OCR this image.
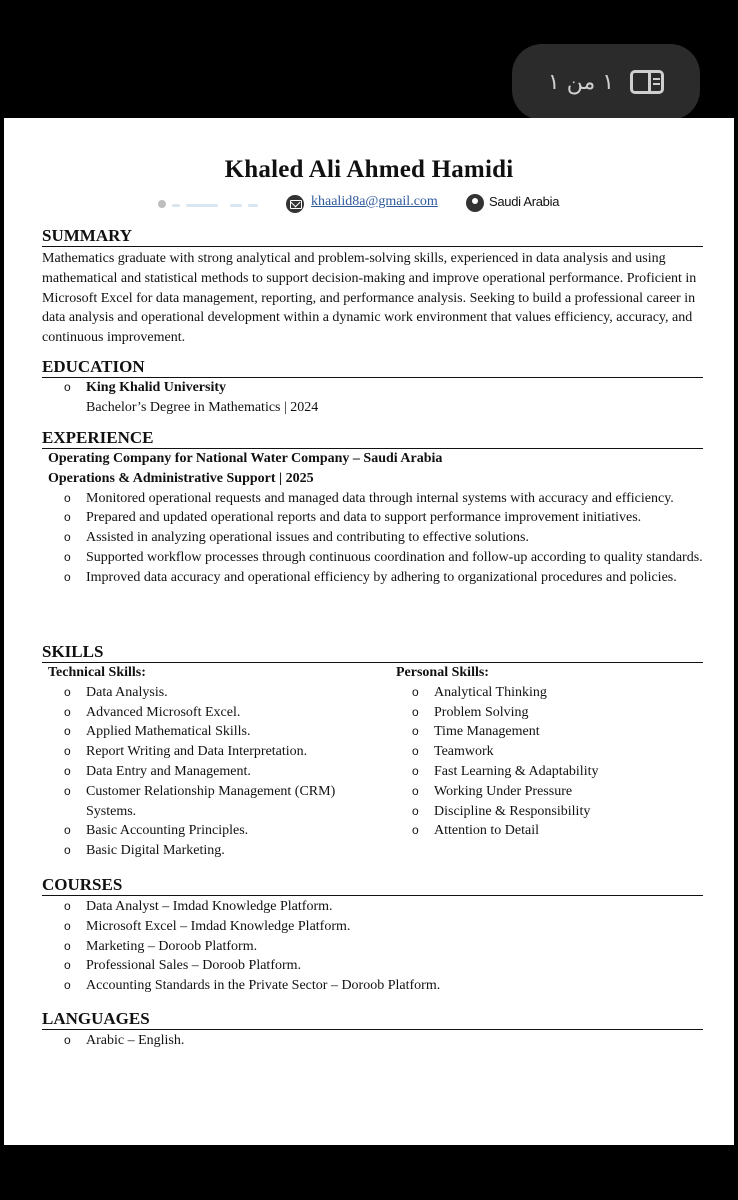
١ من ١
Khaled Ali Ahmed Hamidi
khaalid8a@gmail.com	Saudi Arabia
SUMMARY

Mathematics graduate with strong analytical and problem-solving skills, experienced in data analysis and using mathematical and statistical methods to support decision-making and improve operational performance. Proficient in Microsoft Excel for data management, reporting, and performance analysis. Seeking to build a professional career in data analysis and operational development within a dynamic work environment that values efficiency, accuracy, and continuous improvement.

EDUCATION
o King Khalid University
Bachelor’s Degree in Mathematics | 2024
EXPERIENCE
Operating Company for National Water Company – Saudi Arabia
Operations & Administrative Support | 2025
o Monitored operational requests and managed data through internal systems with accuracy and efficiency.
o Prepared and updated operational reports and data to support performance improvement initiatives.
o Assisted in analyzing operational issues and contributing to effective solutions.
o Supported workflow processes through continuous coordination and follow-up according to quality standards.
o Improved data accuracy and operational efficiency by adhering to organizational procedures and policies.
SKILLS
Technical Skills:
o Data Analysis.
o Advanced Microsoft Excel.
o Applied Mathematical Skills.
o Report Writing and Data Interpretation.
o Data Entry and Management.
o Customer Relationship Management (CRM) Systems.
o Basic Accounting Principles.
o Basic Digital Marketing.
Personal Skills:
o Analytical Thinking
o Problem Solving
o Time Management
o Teamwork
o Fast Learning & Adaptability
o Working Under Pressure
o Discipline & Responsibility
o Attention to Detail
COURSES
o Data Analyst – Imdad Knowledge Platform.
o Microsoft Excel – Imdad Knowledge Platform.
o Marketing – Doroob Platform.
o Professional Sales – Doroob Platform.
o Accounting Standards in the Private Sector – Doroob Platform.
LANGUAGES
o Arabic – English.
